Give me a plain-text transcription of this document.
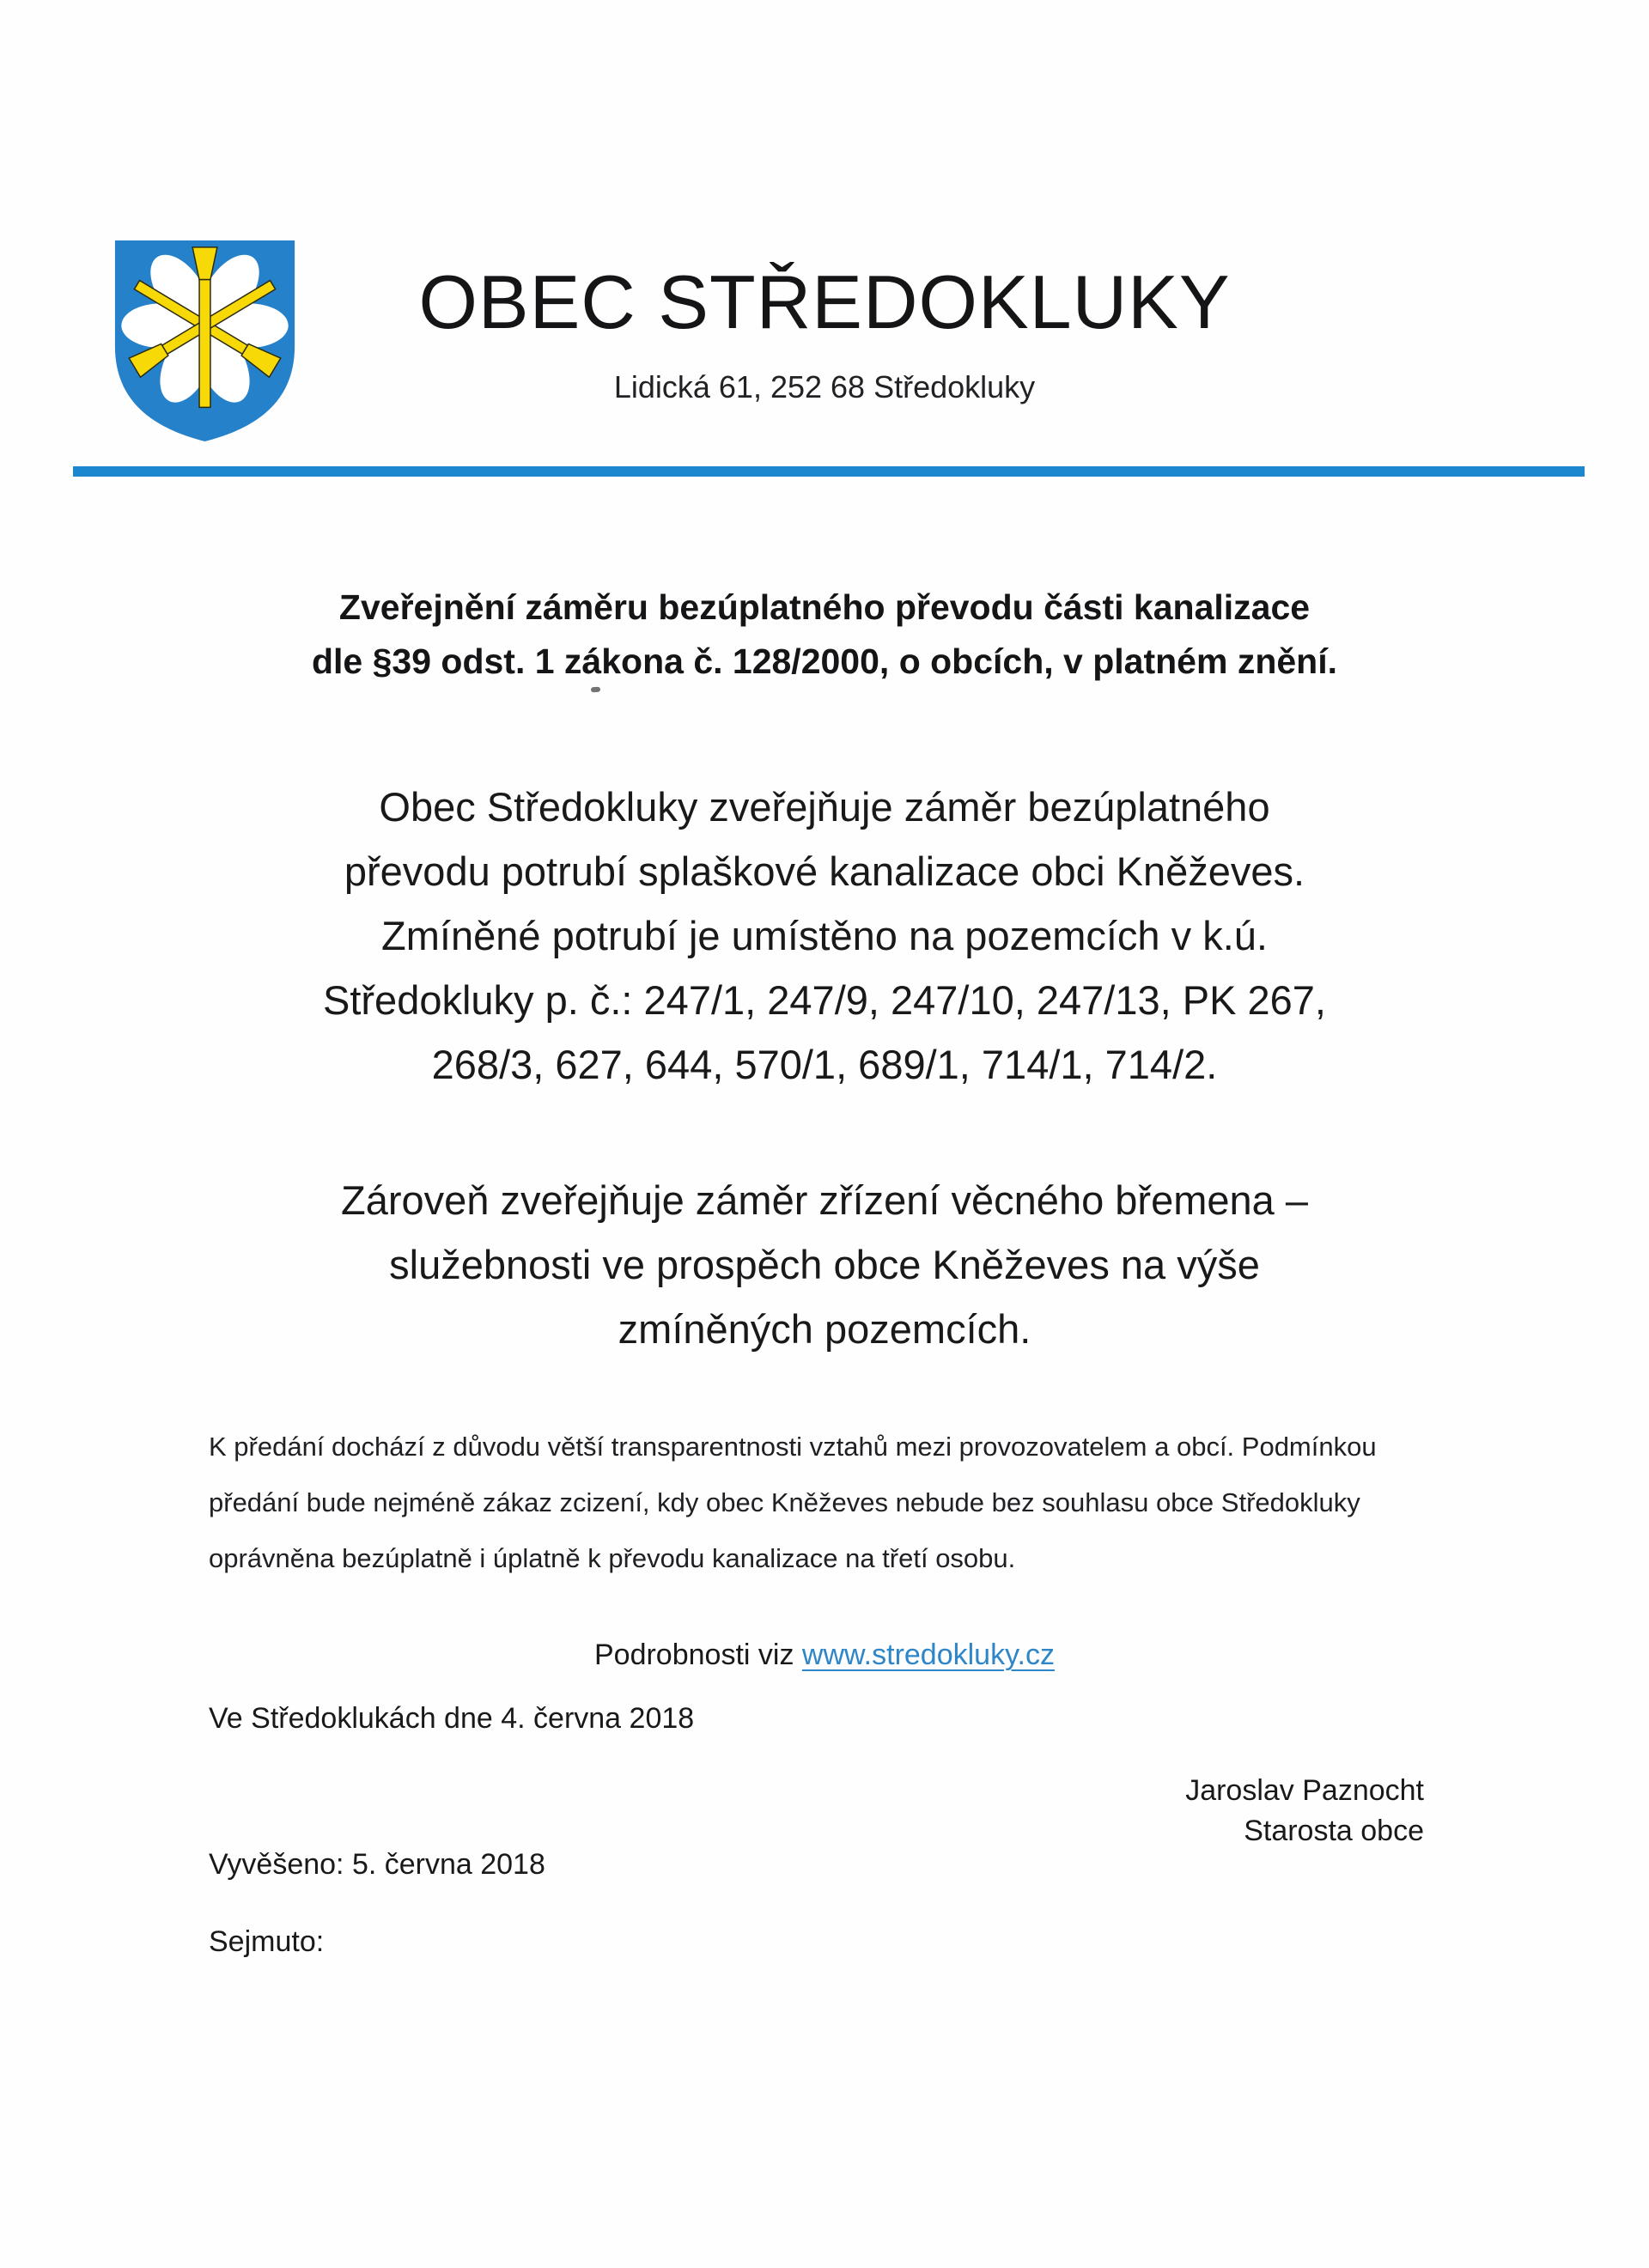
OBEC STŘEDOKLUKY
Lidická 61, 252 68 Středokluky
Zveřejnění záměru bezúplatného převodu části kanalizace
dle §39 odst. 1 zákona č. 128/2000, o obcích, v platném znění.
Obec Středokluky zveřejňuje záměr bezúplatného
převodu potrubí splaškové kanalizace obci Kněževes.
Zmíněné potrubí je umístěno na pozemcích v k.ú.
Středokluky p. č.: 247/1, 247/9, 247/10, 247/13, PK 267,
268/3, 627, 644, 570/1, 689/1, 714/1, 714/2.
Zároveň zveřejňuje záměr zřízení věcného břemena –
služebnosti ve prospěch obce Kněževes na výše
zmíněných pozemcích.
K předání dochází z důvodu větší transparentnosti vztahů mezi provozovatelem a obcí. Podmínkou
předání bude nejméně zákaz zcizení, kdy obec Kněževes nebude bez souhlasu obce Středokluky
oprávněna bezúplatně i úplatně k převodu kanalizace na třetí osobu.
Podrobnosti viz www.stredokluky.cz
Ve Středoklukách dne 4. června 2018
Jaroslav Paznocht
Starosta obce
Vyvěšeno: 5. června 2018
Sejmuto:
